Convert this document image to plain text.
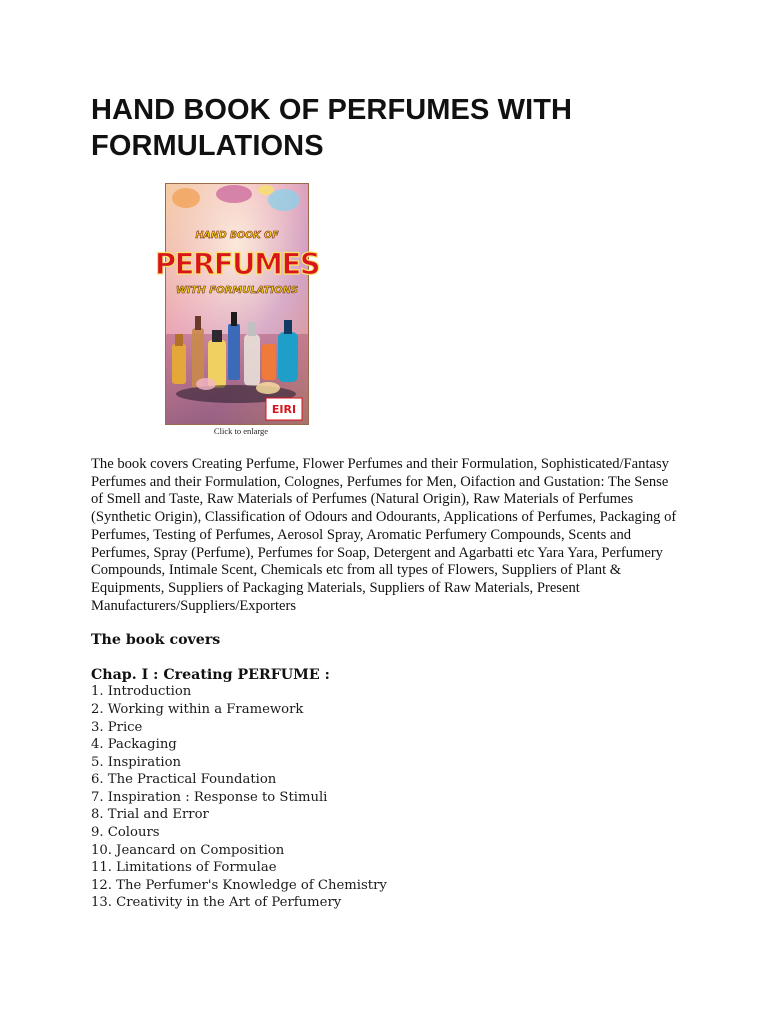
HAND BOOK OF PERFUMES WITH FORMULATIONS
HAND BOOK OF
PERFUMES
WITH FORMULATIONS
EIRI
Click to enlarge

The book covers Creating Perfume, Flower Perfumes and their Formulation, Sophisticated/Fantasy Perfumes and their Formulation, Colognes, Perfumes for Men, Oifaction and Gustation: The Sense of Smell and Taste, Raw Materials of Perfumes (Natural Origin), Raw Materials of Perfumes (Synthetic Origin), Classification of Odours and Odourants, Applications of Perfumes, Packaging of Perfumes, Testing of Perfumes, Aerosol Spray, Aromatic Perfumery Compounds, Scents and Perfumes, Spray (Perfume), Perfumes for Soap, Detergent and Agarbatti etc Yara Yara, Perfumery Compounds, Intimale Scent, Chemicals etc from all types of Flowers, Suppliers of Plant & Equipments, Suppliers of Packaging Materials, Suppliers of Raw Materials, Present Manufacturers/Suppliers/Exporters

The book covers
Chap. I : Creating PERFUME :
1. Introduction
2. Working within a Framework
3. Price
4. Packaging
5. Inspiration
6. The Practical Foundation
7. Inspiration : Response to Stimuli
8. Trial and Error
9. Colours
10. Jeancard on Composition
11. Limitations of Formulae
12. The Perfumer's Knowledge of Chemistry
13. Creativity in the Art of Perfumery
